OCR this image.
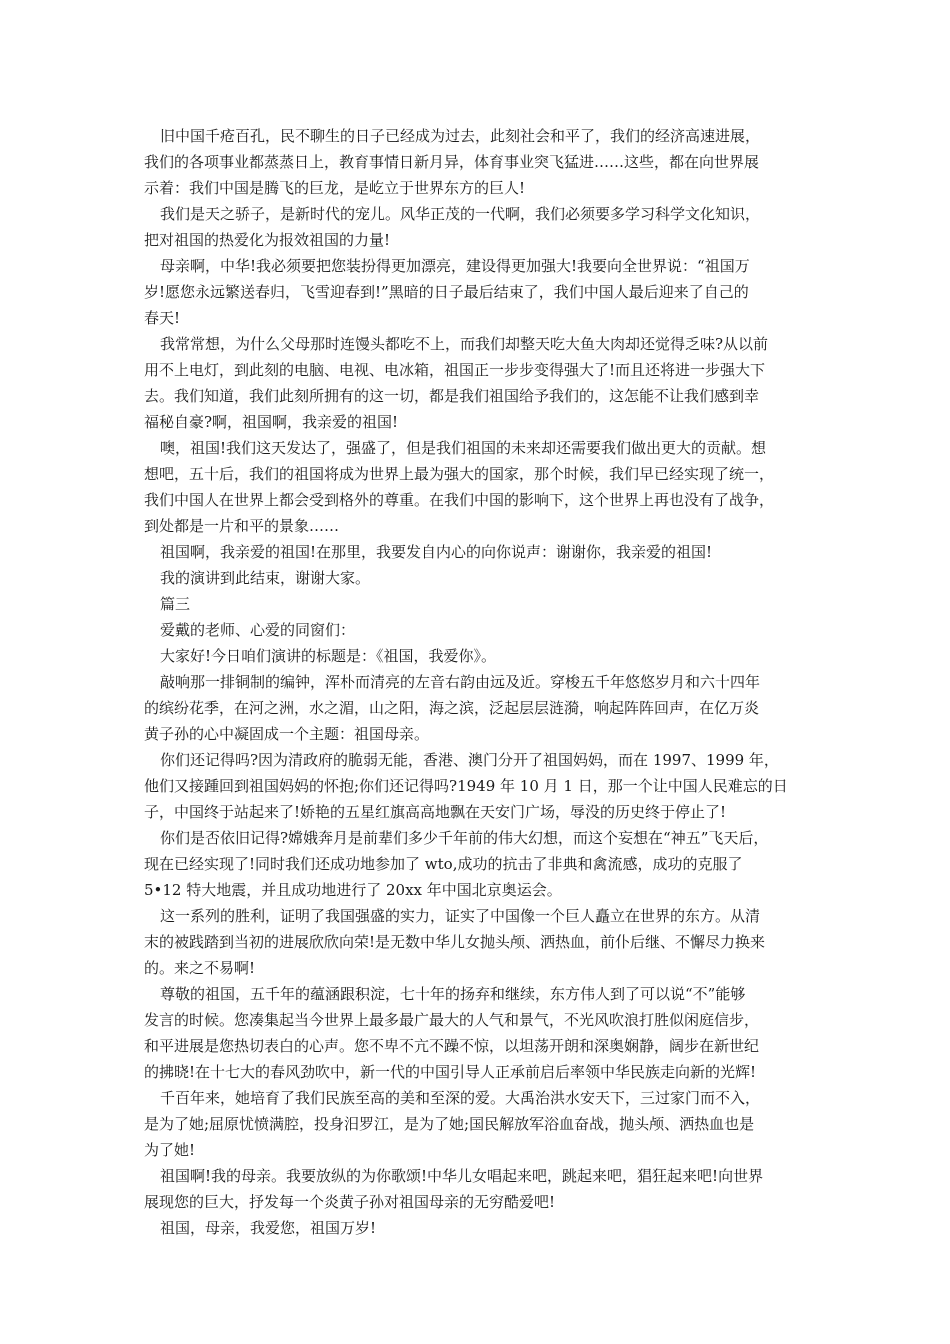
旧中国千疮百孔，民不聊生的日子已经成为过去，此刻社会和平了，我们的经济高速进展，
我们的各项事业都蒸蒸日上，教育事情日新月异，体育事业突飞猛进……这些，都在向世界展
示着：我们中国是腾飞的巨龙，是屹立于世界东方的巨人!
我们是天之骄子，是新时代的宠儿。风华正茂的一代啊，我们必须要多学习科学文化知识，
把对祖国的热爱化为报效祖国的力量!
母亲啊，中华!我必须要把您装扮得更加漂亮，建设得更加强大!我要向全世界说：“祖国万
岁!愿您永远繁送春归，飞雪迎春到!”黑暗的日子最后结束了，我们中国人最后迎来了自己的
春天!
我常常想，为什么父母那时连馒头都吃不上，而我们却整天吃大鱼大肉却还觉得乏味?从以前
用不上电灯，到此刻的电脑、电视、电冰箱，祖国正一步步变得强大了!而且还将进一步强大下
去。我们知道，我们此刻所拥有的这一切，都是我们祖国给予我们的，这怎能不让我们感到幸
福秘自豪?啊，祖国啊，我亲爱的祖国!
噢，祖国!我们这天发达了，强盛了，但是我们祖国的未来却还需要我们做出更大的贡献。想
想吧，五十后，我们的祖国将成为世界上最为强大的国家，那个时候，我们早已经实现了统一，
我们中国人在世界上都会受到格外的尊重。在我们中国的影响下，这个世界上再也没有了战争，
到处都是一片和平的景象……
祖国啊，我亲爱的祖国!在那里，我要发自内心的向你说声：谢谢你，我亲爱的祖国!
我的演讲到此结束，谢谢大家。
篇三
爱戴的老师、心爱的同窗们：
大家好!今日咱们演讲的标题是：《祖国，我爱你》。
敲响那一排铜制的编钟，浑朴而清亮的左音右韵由远及近。穿梭五千年悠悠岁月和六十四年
的缤纷花季，在河之洲，水之湄，山之阳，海之滨，泛起层层涟漪，响起阵阵回声，在亿万炎
黄子孙的心中凝固成一个主题：祖国母亲。
你们还记得吗?因为清政府的脆弱无能，香港、澳门分开了祖国妈妈，而在 1997、1999 年，
他们又接踵回到祖国妈妈的怀抱;你们还记得吗?1949 年 10 月 1 日，那一个让中国人民难忘的日
子，中国终于站起来了!娇艳的五星红旗高高地飘在天安门广场，辱没的历史终于停止了!
你们是否依旧记得?嫦娥奔月是前辈们多少千年前的伟大幻想，而这个妄想在“神五”飞天后，
现在已经实现了!同时我们还成功地参加了 wto,成功的抗击了非典和禽流感，成功的克服了
5•12 特大地震，并且成功地进行了 20xx 年中国北京奥运会。
这一系列的胜利，证明了我国强盛的实力，证实了中国像一个巨人矗立在世界的东方。从清
末的被践踏到当初的进展欣欣向荣!是无数中华儿女抛头颅、洒热血，前仆后继、不懈尽力换来
的。来之不易啊!
尊敬的祖国，五千年的蕴涵跟积淀，七十年的扬弃和继续，东方伟人到了可以说“不”能够
发言的时候。您凑集起当今世界上最多最广最大的人气和景气，不光风吹浪打胜似闲庭信步，
和平进展是您热切表白的心声。您不卑不亢不躁不惊，以坦荡开朗和深奥娴静，阔步在新世纪
的拂晓!在十七大的春风劲吹中，新一代的中国引导人正承前启后率领中华民族走向新的光辉!
千百年来，她培育了我们民族至高的美和至深的爱。大禹治洪水安天下，三过家门而不入，
是为了她;屈原忧愤满腔，投身汨罗江，是为了她;国民解放军浴血奋战，抛头颅、洒热血也是
为了她!
祖国啊!我的母亲。我要放纵的为你歌颂!中华儿女唱起来吧，跳起来吧，猖狂起来吧!向世界
展现您的巨大，抒发每一个炎黄子孙对祖国母亲的无穷酷爱吧!
祖国，母亲，我爱您，祖国万岁!
